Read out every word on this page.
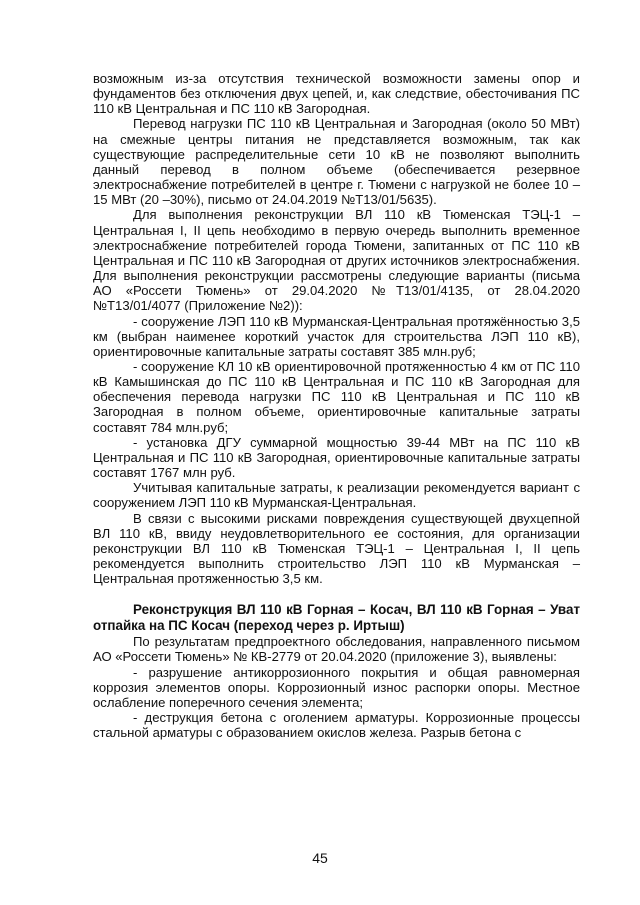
возможным из-за отсутствия технической возможности замены опор и фундаментов без отключения двух цепей, и, как следствие, обесточивания ПС 110 кВ Центральная и ПС 110 кВ Загородная.

Перевод нагрузки ПС 110 кВ Центральная и Загородная (около 50 МВт) на смежные центры питания не представляется возможным, так как существующие распределительные сети 10 кВ не позволяют выполнить данный перевод в полном объеме (обеспечивается резервное электроснабжение потребителей в центре г. Тюмени с нагрузкой не более 10 – 15 МВт (20 –30%), письмо от 24.04.2019 №Т13/01/5635).

Для выполнения реконструкции ВЛ 110 кВ Тюменская ТЭЦ-1 – Центральная I, II цепь необходимо в первую очередь выполнить временное электроснабжение потребителей города Тюмени, запитанных от ПС 110 кВ Центральная и ПС 110 кВ Загородная от других источников электроснабжения. Для выполнения реконструкции рассмотрены следующие варианты (письма АО «Россети Тюмень» от 29.04.2020 №Т13/01/4135, от 28.04.2020 №Т13/01/4077 (Приложение №2)):

- сооружение ЛЭП 110 кВ Мурманская-Центральная протяжённостью 3,5 км (выбран наименее короткий участок для строительства ЛЭП 110 кВ), ориентировочные капитальные затраты составят 385 млн.руб;

- сооружение КЛ 10 кВ ориентировочной протяженностью 4 км от ПС 110 кВ Камышинская до ПС 110 кВ Центральная и ПС 110 кВ Загородная для обеспечения перевода нагрузки ПС 110 кВ Центральная и ПС 110 кВ Загородная в полном объеме, ориентировочные капитальные затраты составят 784 млн.руб;

- установка ДГУ суммарной мощностью 39-44 МВт на ПС 110 кВ Центральная и ПС 110 кВ Загородная, ориентировочные капитальные затраты составят 1767 млн руб.

Учитывая капитальные затраты, к реализации рекомендуется вариант с сооружением ЛЭП 110 кВ Мурманская-Центральная.

В связи с высокими рисками повреждения существующей двухцепной ВЛ 110 кВ, ввиду неудовлетворительного ее состояния, для организации реконструкции ВЛ 110 кВ Тюменская ТЭЦ-1 – Центральная I, II цепь рекомендуется выполнить строительство ЛЭП 110 кВ Мурманская – Центральная протяженностью 3,5 км.

Реконструкция ВЛ 110 кВ Горная – Косач, ВЛ 110 кВ Горная – Уват отпайка на ПС Косач (переход через р. Иртыш)

По результатам предпроектного обследования, направленного письмом АО «Россети Тюмень» № КВ-2779 от 20.04.2020 (приложение 3), выявлены:

- разрушение антикоррозионного покрытия и общая равномерная коррозия элементов опоры. Коррозионный износ распорки опоры. Местное ослабление поперечного сечения элемента;

- деструкция бетона с оголением арматуры. Коррозионные процессы стальной арматуры с образованием окислов железа. Разрыв бетона с

45
